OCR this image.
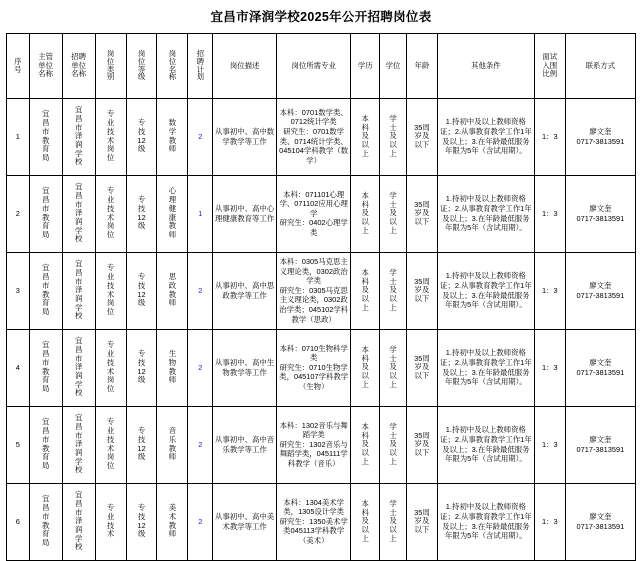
宜昌市泽润学校2025年公开招聘岗位表
序号	主管单位名称	招聘单位名称	岗位类别	岗位等级	岗位名称	招聘计划	岗位描述	岗位所需专业	学历	学位	年龄	其他条件	面试入围比例	联系方式
1	宜昌市教育局	宜昌市泽润学校	专业技术岗位	专技12级	数学教师	2	从事初中、高中数学教学等工作	本科：0701数学类、0712统计学类
研究生：0701数学类、0714统计学类、045104学科教学（数学）	本科及以上	学士及以上	35周岁及以下	1.持初中及以上教师资格证；2.从事教育教学工作1年及以上；3.在年龄最低服务年限为5年（含试用期）。	1：3	廖文奎
0717-3813591

2	宜昌市教育局	宜昌市泽润学校	专业技术岗位	专技12级	心理健康教师	1	从事初中、高中心理健康教育等工作	本科：071101心理学、071102应用心理学
研究生：0402心理学类	本科及以上	学士及以上	35周岁及以下	1.持初中及以上教师资格证；2.从事教育教学工作1年及以上；3.在年龄最低服务年限为5年（含试用期）。	1：3	廖文奎
0717-3813591

3	宜昌市教育局	宜昌市泽润学校	专业技术岗位	专技12级	思政教师	2	从事初中、高中思政教学等工作	本科：0305马克思主义理论类，0302政治学类
研究生：0305马克思主义理论类，0302政治学类；045102学科教学（思政）	本科及以上	学士及以上	35周岁及以下	1.持初中及以上教师资格证；2.从事教育教学工作1年及以上；3.在年龄最低服务年限为5年（含试用期）。	1：3	廖文奎
0717-3813591

4	宜昌市教育局	宜昌市泽润学校	专业技术岗位	专技12级	生物教师	2	从事初中、高中生物教学等工作	本科：0710生物科学类
研究生：0710生物学类，045107学科教学（生物）	本科及以上	学士及以上	35周岁及以下	1.持初中及以上教师资格证；2.从事教育教学工作1年及以上；3.在年龄最低服务年限为5年（含试用期）。	1：3	廖文奎
0717-3813591

5	宜昌市教育局	宜昌市泽润学校	专业技术岗位	专技12级	音乐教师	2	从事初中、高中音乐教学等工作	本科：1302音乐与舞蹈学类
研究生：1302音乐与舞蹈学类，045111学科教学（音乐）	本科及以上	学士及以上	35周岁及以下	1.持初中及以上教师资格证；2.从事教育教学工作1年及以上；3.在年龄最低服务年限为5年（含试用期）。	1：3	廖文奎
0717-3813591

6	宜昌市教育局	宜昌市泽润学校	专业技术	专技12级	美术教师	2	从事初中、高中美术教学等工作	本科：1304美术学类，1305设计学类
研究生：1350美术学类045113学科教学（美术）	本科及以上	学士及以上	35周岁及以下	1.持初中及以上教师资格证；2.从事教育教学工作1年及以上；3.在年龄最低服务年限为5年（含试用期）。	1：3	廖文奎
0717-3813591
